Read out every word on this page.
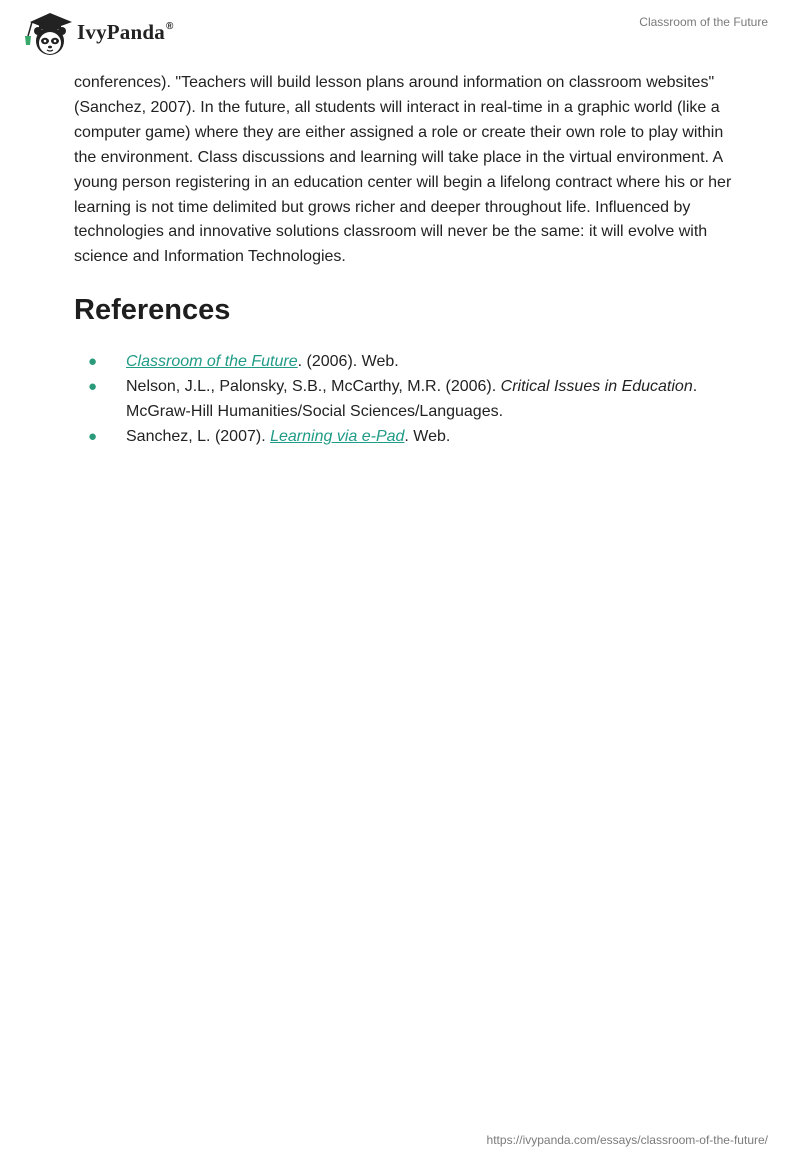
IvyPanda®	Classroom of the Future

conferences). "Teachers will build lesson plans around information on classroom websites" (Sanchez, 2007). In the future, all students will interact in real-time in a graphic world (like a computer game) where they are either assigned a role or create their own role to play within the environment. Class discussions and learning will take place in the virtual environment. A young person registering in an education center will begin a lifelong contract where his or her learning is not time delimited but grows richer and deeper throughout life. Influenced by technologies and innovative solutions classroom will never be the same: it will evolve with science and Information Technologies.

References
● Classroom of the Future. (2006). Web.
● Nelson, J.L., Palonsky, S.B., McCarthy, M.R. (2006). Critical Issues in Education. McGraw-Hill Humanities/Social Sciences/Languages.
● Sanchez, L. (2007). Learning via e-Pad. Web.
https://ivypanda.com/essays/classroom-of-the-future/
